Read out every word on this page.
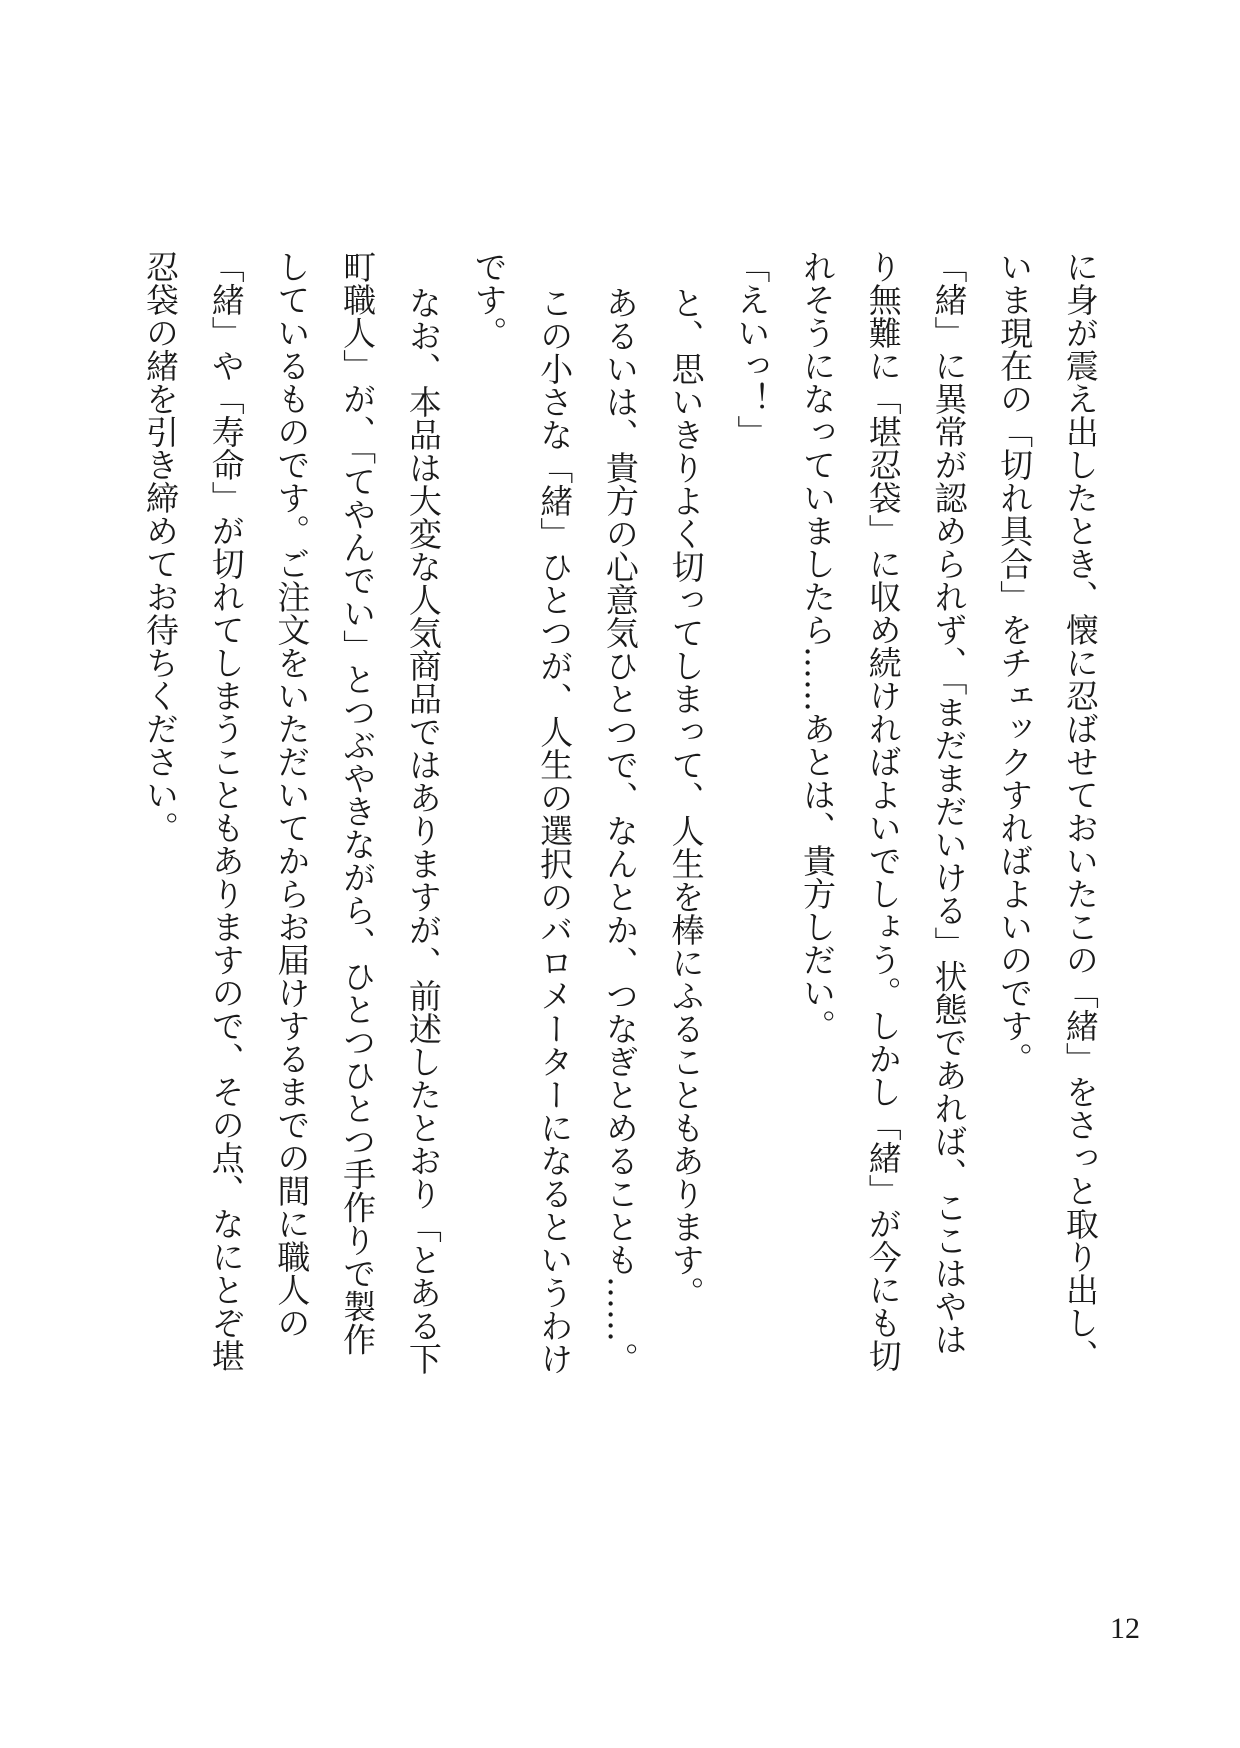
に身が震え出したとき、懐に忍ばせておいたこの「緒」をさっと取り出し、
いま現在の「切れ具合」をチェックすればよいのです。
「緒」に異常が認められず、「まだまだいける」状態であれば、ここはやは
り無難に「堪忍袋」に収め続ければよいでしょう。しかし「緒」が今にも切
れそうになっていましたら……あとは、貴方しだい。
「えいっ！」
と、思いきりよく切ってしまって、人生を棒にふることもあります。
あるいは、貴方の心意気ひとつで、なんとか、つなぎとめることも……。
この小さな「緒」ひとつが、人生の選択のバロメーターになるというわけ
です。
なお、本品は大変な人気商品ではありますが、前述したとおり「とある下
町職人」が、「てやんでい」とつぶやきながら、ひとつひとつ手作りで製作
しているものです。ご注文をいただいてからお届けするまでの間に職人の
「緒」や「寿命」が切れてしまうこともありますので、その点、なにとぞ堪
忍袋の緒を引き締めてお待ちください。
12
